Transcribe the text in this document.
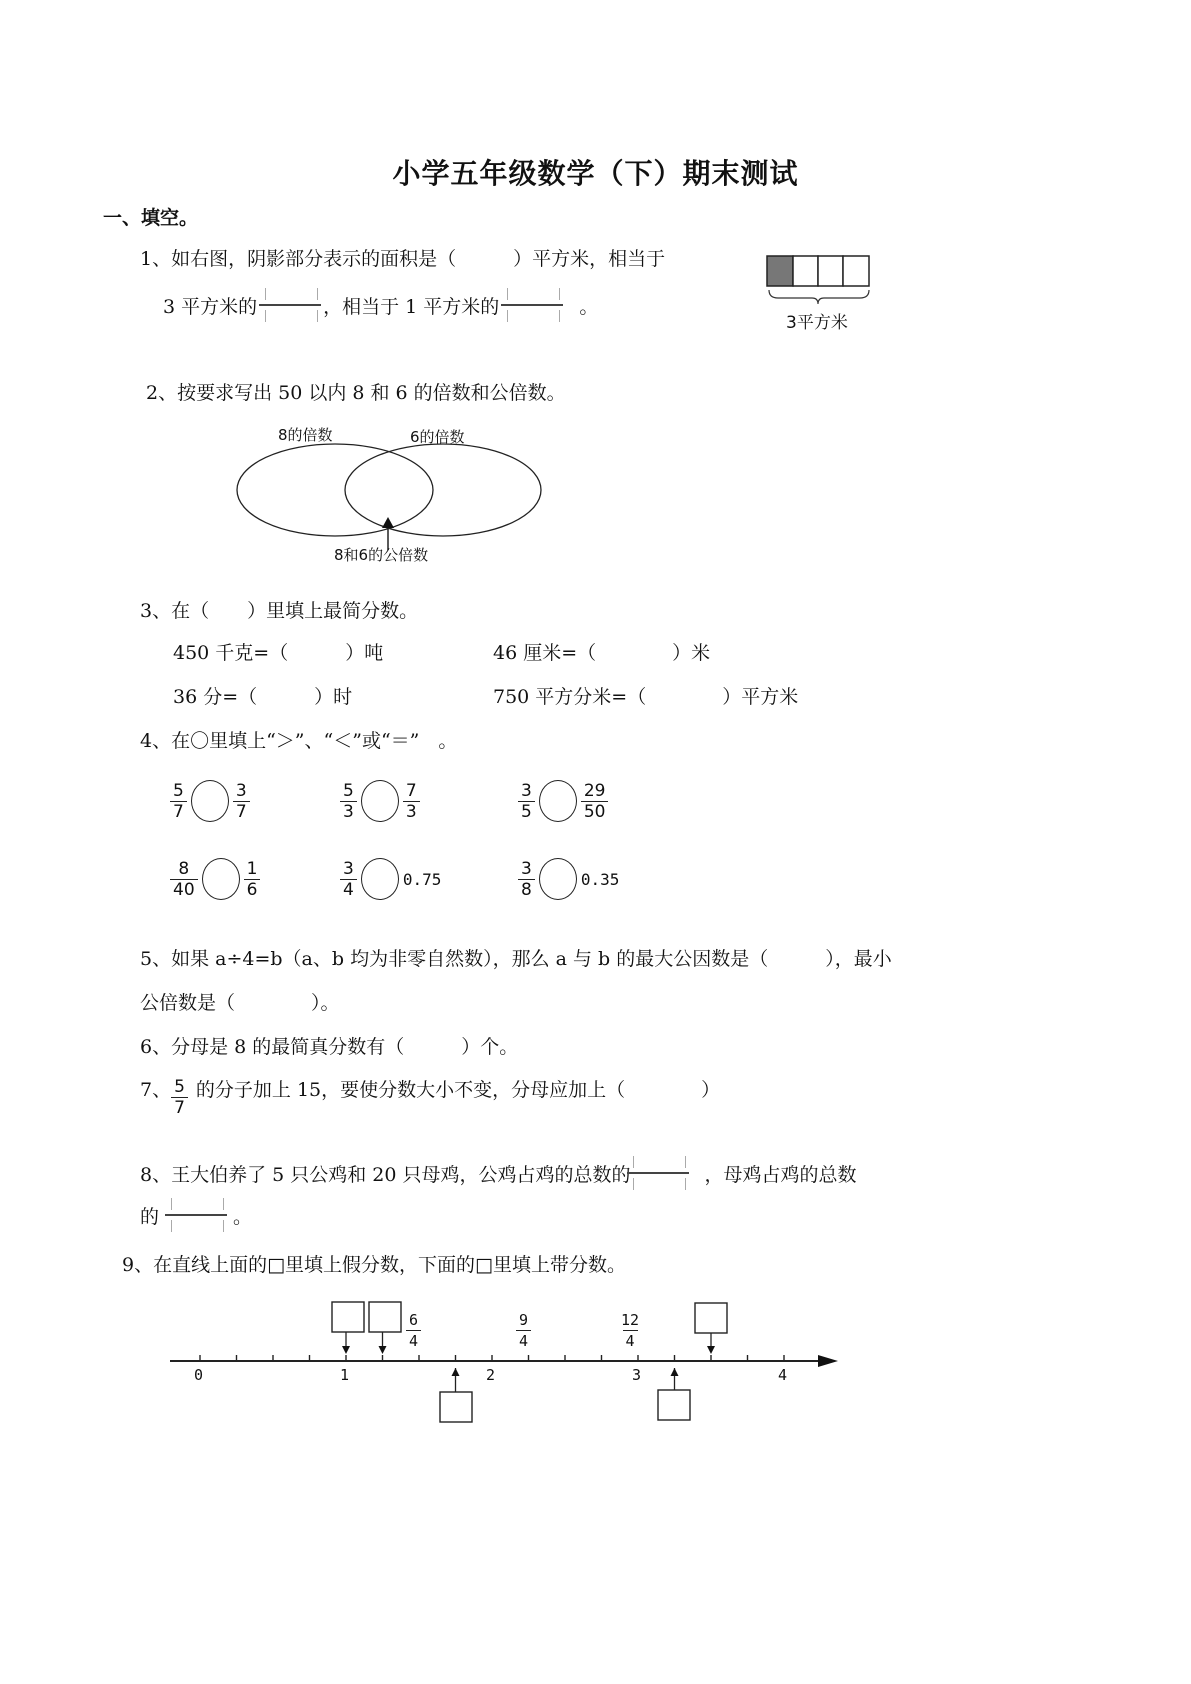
小学五年级数学（下）期末测试
一、填空。
1、如右图，阴影部分表示的面积是（　　　）平方米，相当于
3 平方米的	，相当于 1 平方米的	。
3平方米
2、按要求写出 50 以内 8 和 6 的倍数和公倍数。
8的倍数	6的倍数
8和6的公倍数
3、在（　　）里填上最简分数。
450 千克=（　　　）吨	46 厘米=（　　　　）米
36 分=（　　　）时	750 平方分米=（　　　　）平方米
4、在〇里填上“＞”、“＜”或“＝”　。
$\frac{5}{7}$	$\frac{3}{7}$	$\frac{5}{3}$	$\frac{7}{3}$	$\frac{3}{5}$	$\frac{29}{50}$
$\frac{8}{40}$	$\frac{1}{6}$	$\frac{3}{4}$	0.75	$\frac{3}{8}$	0.35
5、如果 a÷4=b（a、b 均为非零自然数），那么 a 与 b 的最大公因数是（　　　），最小
公倍数是（　　　　）。
6、分母是 8 的最简真分数有（　　　）个。
7、 $\frac{5}{7}$ 的分子加上 15，要使分数大小不变，分母应加上（　　　　）
8、王大伯养了 5 只公鸡和 20 只母鸡，公鸡占鸡的总数的	，母鸡占鸡的总数
的	。
9、在直线上面的□里填上假分数，下面的□里填上带分数。
0	1	2	3	4
$\frac{6}{4}$	$\frac{9}{4}$	$\frac{12}{4}$
